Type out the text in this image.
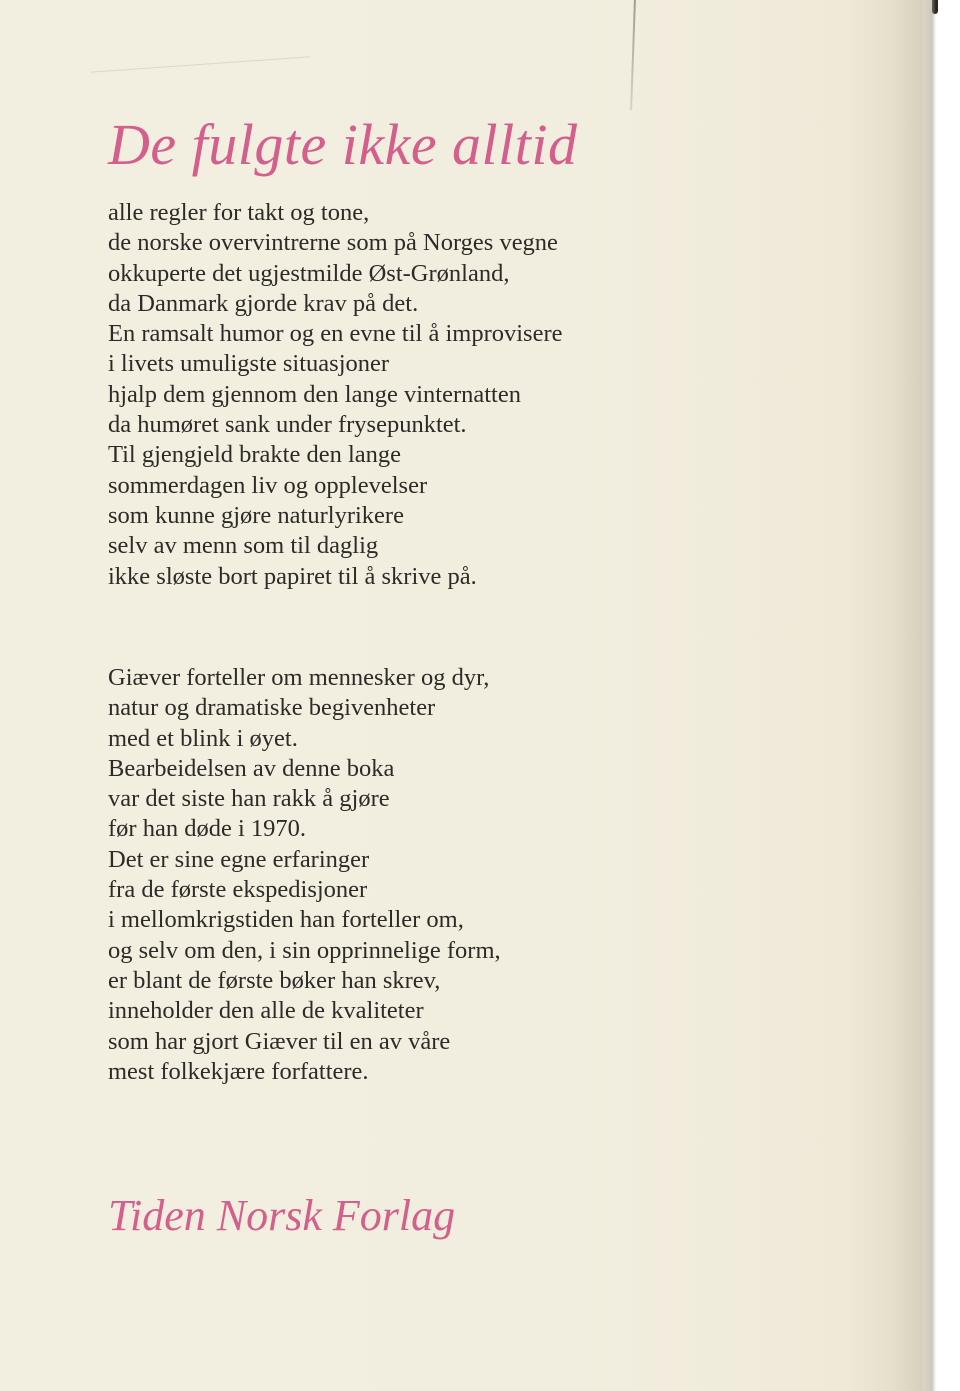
De fulgte ikke alltid

alle regler for takt og tone,
de norske overvintrerne som på Norges vegne
okkuperte det ugjestmilde Øst-Grønland,
da Danmark gjorde krav på det.
En ramsalt humor og en evne til å improvisere
i livets umuligste situasjoner
hjalp dem gjennom den lange vinternatten
da humøret sank under frysepunktet.
Til gjengjeld brakte den lange
sommerdagen liv og opplevelser
som kunne gjøre naturlyrikere
selv av menn som til daglig
ikke sløste bort papiret til å skrive på.

Giæver forteller om mennesker og dyr,
natur og dramatiske begivenheter
med et blink i øyet.
Bearbeidelsen av denne boka
var det siste han rakk å gjøre
før han døde i 1970.
Det er sine egne erfaringer
fra de første ekspedisjoner
i mellomkrigstiden han forteller om,
og selv om den, i sin opprinnelige form,
er blant de første bøker han skrev,
inneholder den alle de kvaliteter
som har gjort Giæver til en av våre
mest folkekjære forfattere.

Tiden Norsk Forlag
